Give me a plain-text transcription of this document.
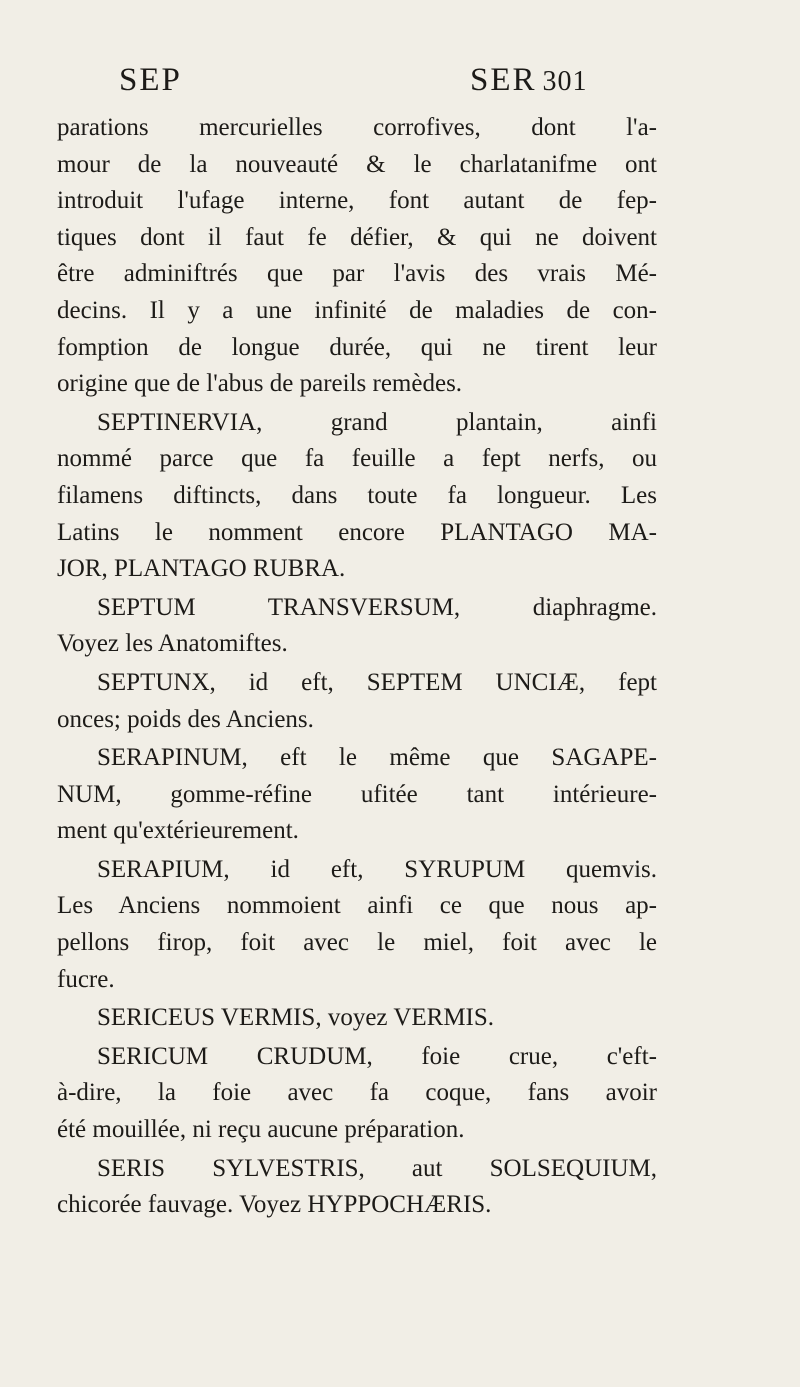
SEP	SER 301
parations mercurielles corrofives, dont l'a-
mour de la nouveauté & le charlatanifme ont
introduit l'ufage interne, font autant de fep-
tiques dont il faut fe défier, & qui ne doivent
être adminiftrés que par l'avis des vrais Mé-
decins. Il y a une infinité de maladies de con-
fomption de longue durée, qui ne tirent leur
origine que de l'abus de pareils remèdes.
SEPTINERVIA, grand plantain, ainfi
nommé parce que fa feuille a fept nerfs, ou
filamens diftincts, dans toute fa longueur. Les
Latins le nomment encore PLANTAGO MA-
JOR, PLANTAGO RUBRA.
SEPTUM TRANSVERSUM, diaphragme.
Voyez les Anatomiftes.
SEPTUNX, id eft, SEPTEM UNCIÆ, fept
onces; poids des Anciens.
SERAPINUM, eft le même que SAGAPE-
NUM, gomme-réfine ufitée tant intérieure-
ment qu'extérieurement.
SERAPIUM, id eft, SYRUPUM quemvis.
Les Anciens nommoient ainfi ce que nous ap-
pellons firop, foit avec le miel, foit avec le
fucre.
SERICEUS VERMIS, voyez VERMIS.
SERICUM CRUDUM, foie crue, c'eft-
à-dire, la foie avec fa coque, fans avoir
été mouillée, ni reçu aucune préparation.
SERIS SYLVESTRIS, aut SOLSEQUIUM,
chicorée fauvage. Voyez HYPPOCHÆRIS.
